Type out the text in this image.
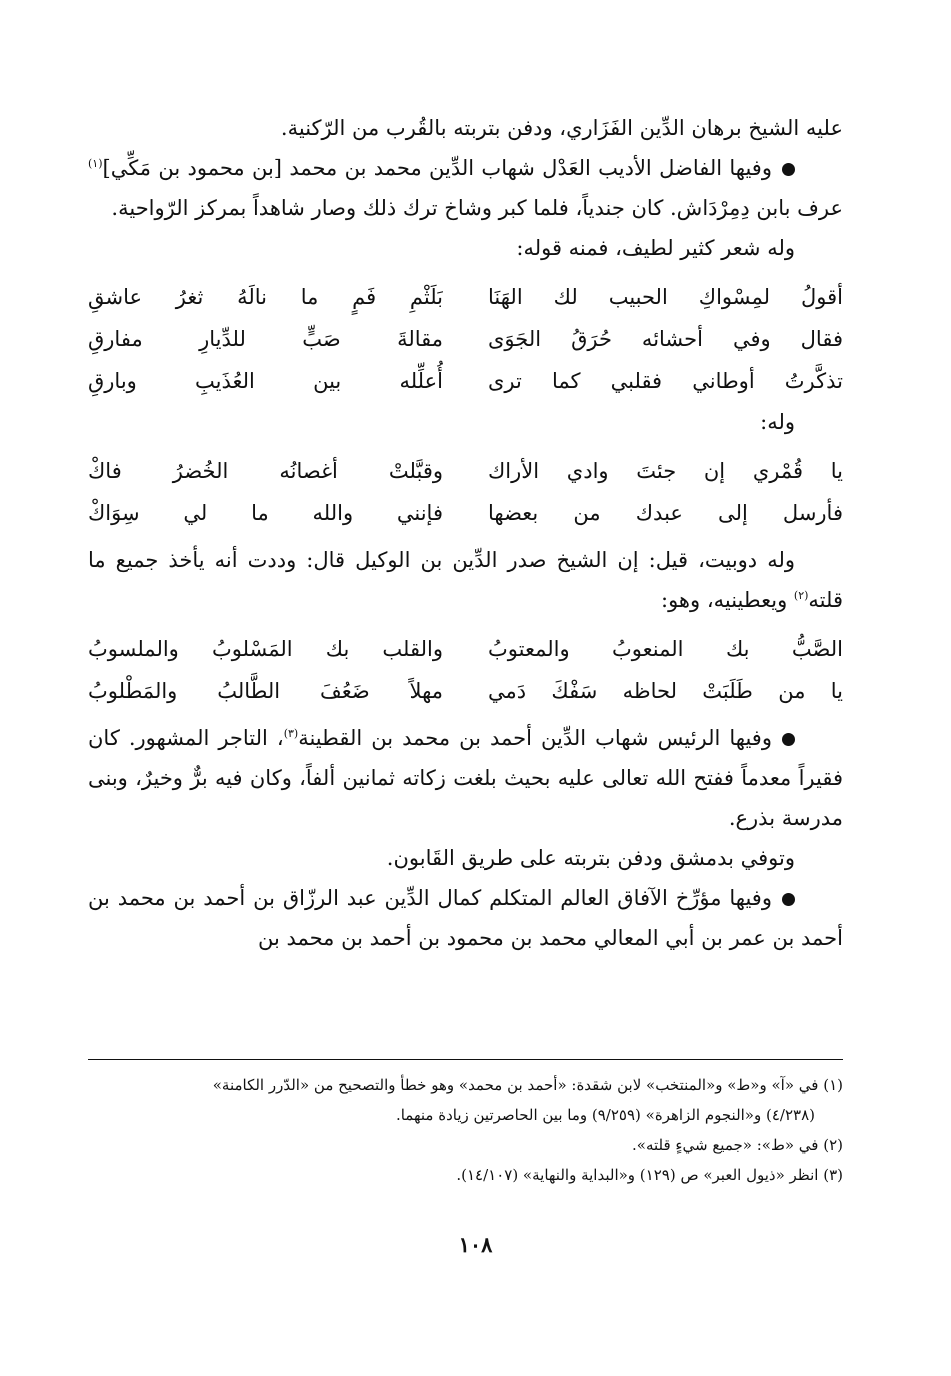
عليه الشيخ برهان الدِّين الفَزَاري، ودفن بتربته بالقُرب من الرّكنية.

وفيها الفاضل الأديب العَدْل شهاب الدِّين محمد بن محمد [بن محمود بن مَكِّي]$^{(١)}$ عرف بابن دِمِرْدَاش. كان جندياً، فلما كبر وشاخ ترك ذلك وصار شاهداً بمركز الرّواحية.

وله شعر كثير لطيف، فمنه قوله:

أقولُ لمِسْواكِ الحبيب لك الهَنَا
بَلَثْمِ فَمٍ ما نالَهُ ثغرُ عاشقِ
فقال وفي أحشائه حُرَقُ الجَوَى
مقالةَ صَبٍّ للدِّيارِ مفارقِ
تذكَّرتُ أوطاني فقلبي كما ترى
أُعلِّله بين العُذَيبِ وبارقِ

وله:

يا قُمْري إن جئتَ وادي الأراك
وقبَّلتْ أغصانُه الخُضرُ فاكْ
فأرسل إلى عبدك من بعضها
فإنني والله ما لي سِوَاكْ

وله دوبيت، قيل: إن الشيخ صدر الدِّين بن الوكيل قال: وددت أنه يأخذ جميع ما قلته$^{(٢)}$ ويعطينيه، وهو:

الصَّبُّ بك المنعوبُ والمعتوبُ
والقلب بك المَسْلوبُ والملسوبُ
يا من طَلَبَتْ لحاظه سَفْكَ دَمي
مهلاً ضَعُفَ الطَّالبُ والمَطْلوبُ

وفيها الرئيس شهاب الدِّين أحمد بن محمد بن القطينة$^{(٣)}$، التاجر المشهور. كان فقيراً معدماً ففتح الله تعالى عليه بحيث بلغت زكاته ثمانين ألفاً، وكان فيه برٌّ وخيرٌ، وبنى مدرسة بذرع.

وتوفي بدمشق ودفن بتربته على طريق القَابون.

وفيها مؤرِّخ الآفاق العالم المتكلم كمال الدِّين عبد الرزّاق بن أحمد بن محمد بن أحمد بن عمر بن أبي المعالي محمد بن محمود بن أحمد بن محمد بن

(١) في «آ» و«ط» و«المنتخب» لابن شقدة: «أحمد بن محمد» وهو خطأ والتصحيح من «الدّرر الكامنة»

(٤/٢٣٨) و«النجوم الزاهرة» (٩/٢٥٩) وما بين الحاصرتين زيادة منهما.

(٢) في «ط»: «جميع شيءٍ قلته».

(٣) انظر «ذيول العبر» ص (١٢٩) و«البداية والنهاية» (١٤/١٠٧).

١٠٨
